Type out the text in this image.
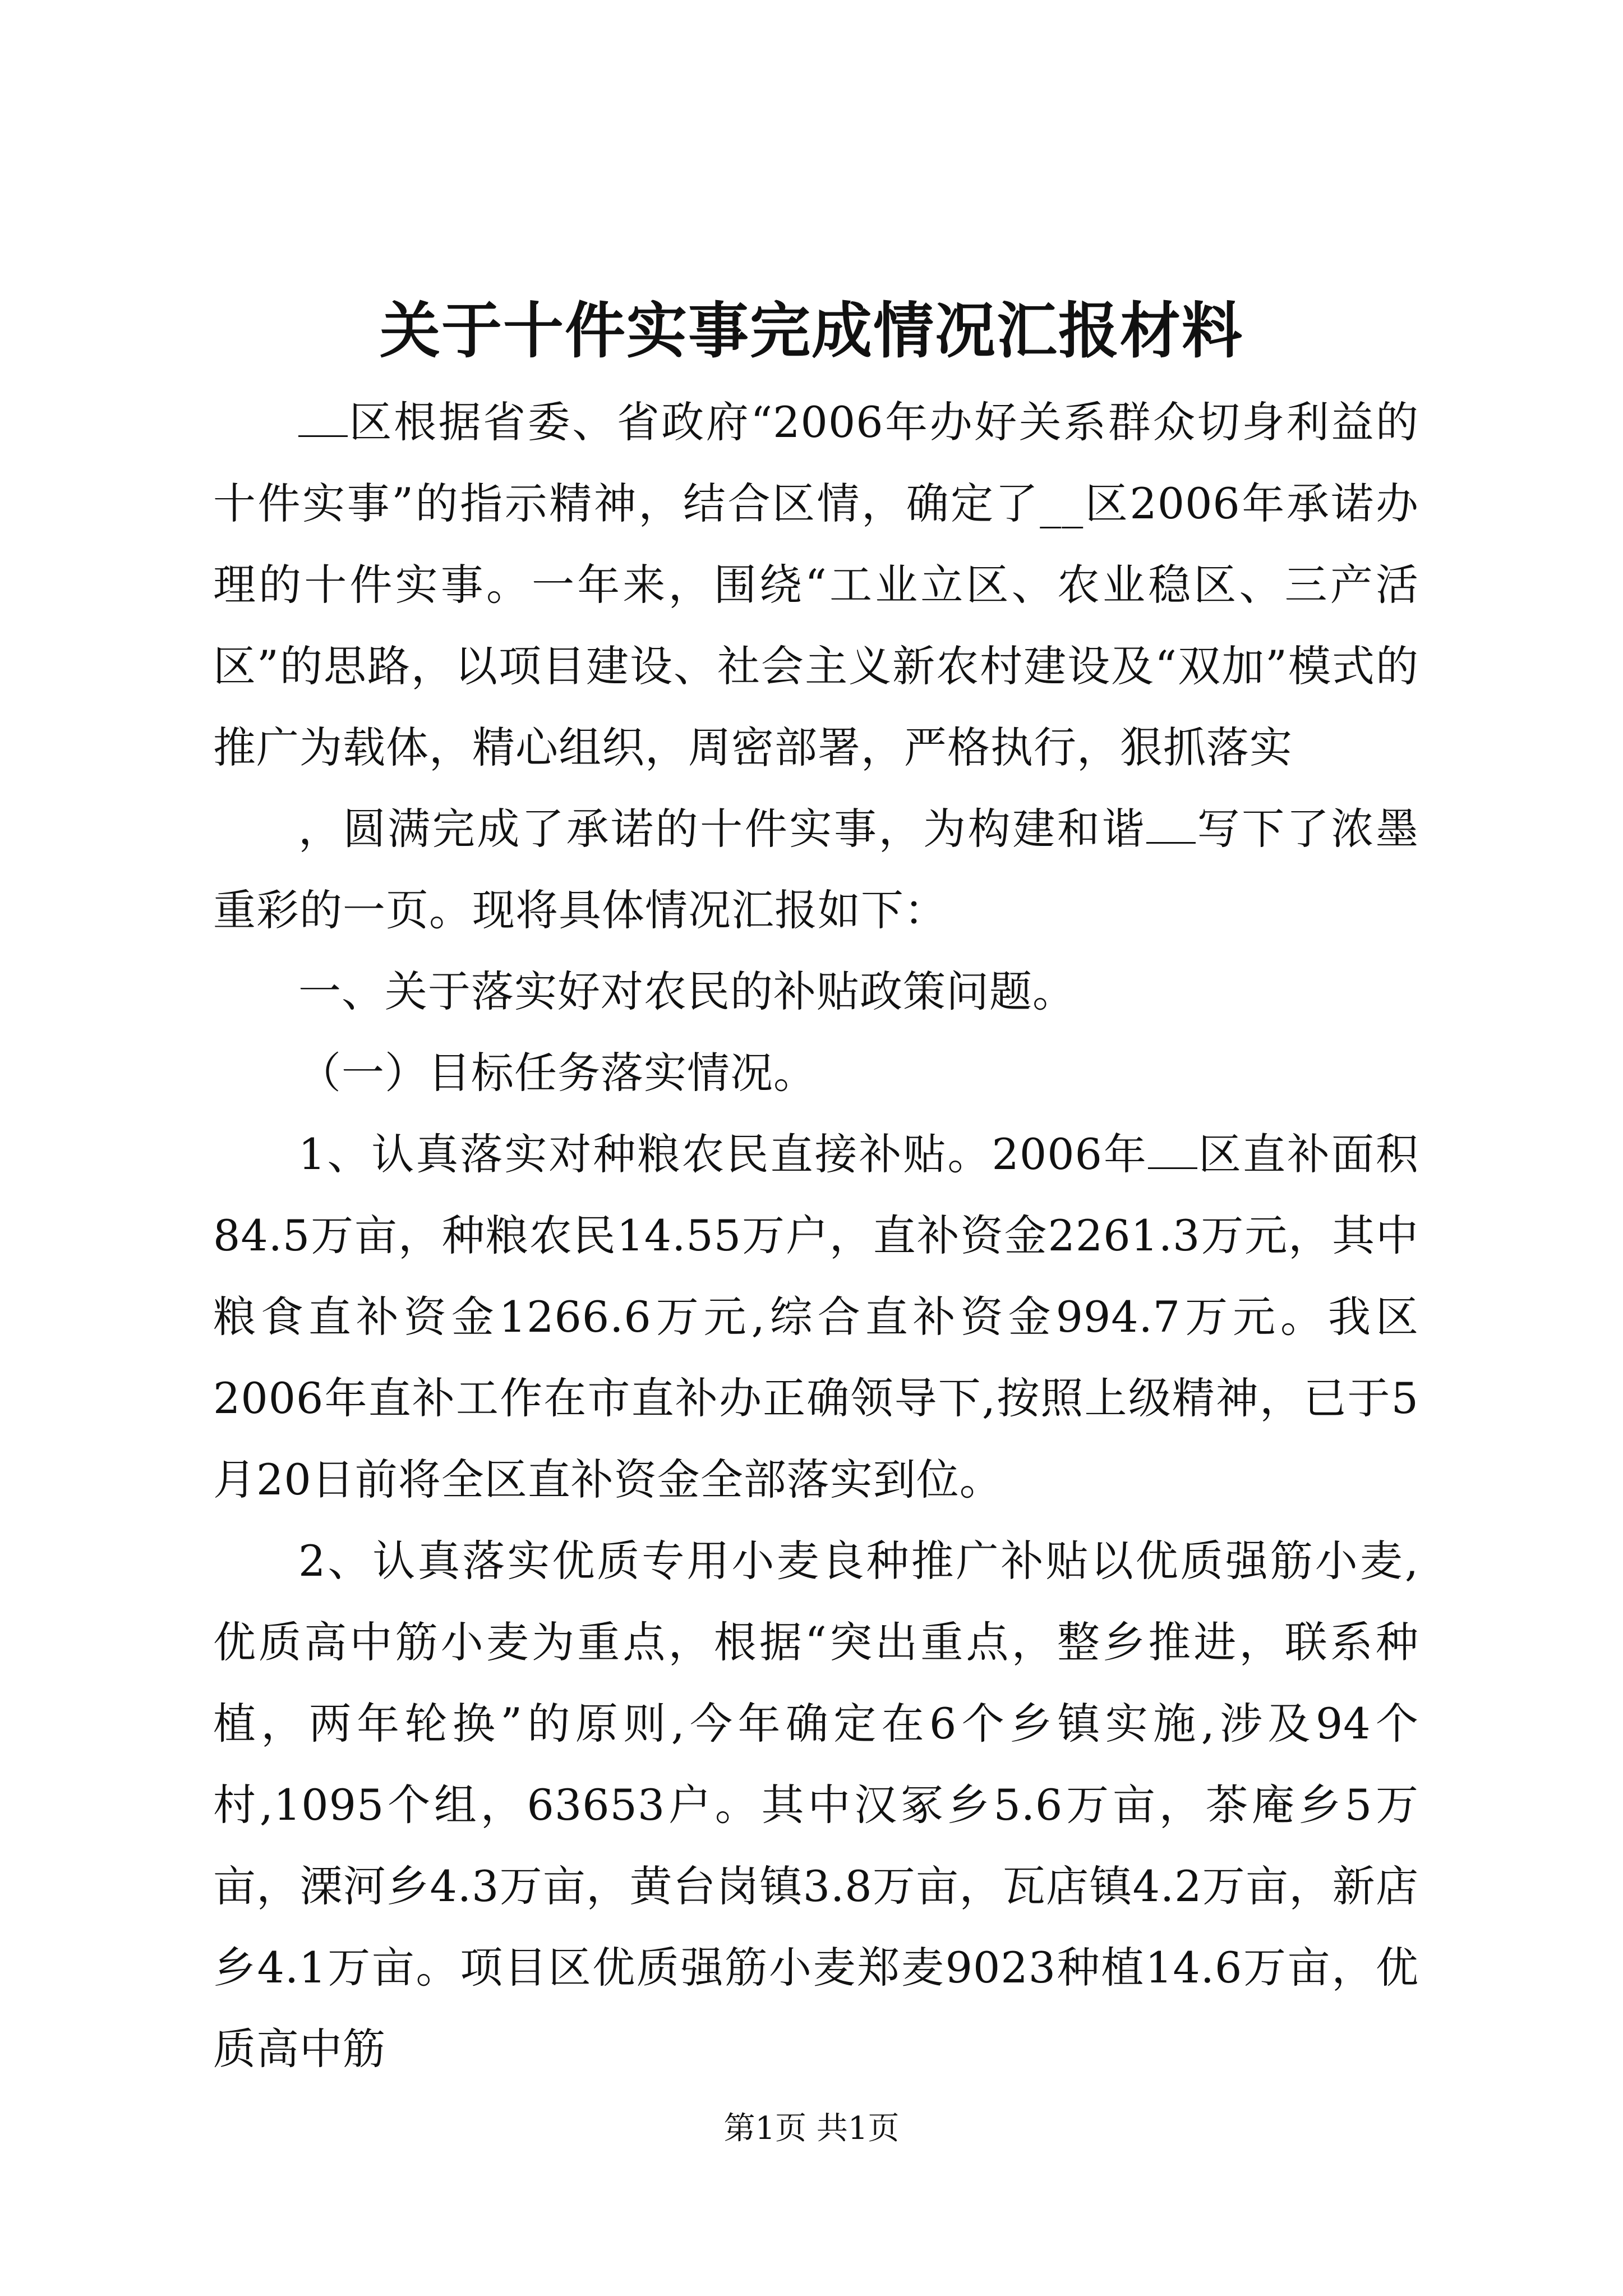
关于十件实事完成情况汇报材料

区根据省委、省政府“2006年办好关系群众切身利益的十件实事”的指示精神，结合区情，确定了__区2006年承诺办理的十件实事。一年来，围绕“工业立区、农业稳区、三产活区”的思路，以项目建设、社会主义新农村建设及“双加”模式的推广为载体，精心组织，周密部署，严格执行，狠抓落实

，圆满完成了承诺的十件实事，为构建和谐 写下了浓墨重彩的一页。现将具体情况汇报如下：

一、关于落实好对农民的补贴政策问题。

（一）目标任务落实情况。

1、认真落实对种粮农民直接补贴。2006年 区直补面积84.5万亩，种粮农民14.55万户，直补资金2261.3万元，其中粮食直补资金1266.6万元,综合直补资金994.7万元。我区2006年直补工作在市直补办正确领导下,按照上级精神，已于5月20日前将全区直补资金全部落实到位。

2、认真落实优质专用小麦良种推广补贴以优质强筋小麦,优质高中筋小麦为重点，根据“突出重点，整乡推进，联系种植，两年轮换”的原则,今年确定在6个乡镇实施,涉及94个村,1095个组，63653户。其中汉冢乡5.6万亩，茶庵乡5万亩，溧河乡4.3万亩，黄台岗镇3.8万亩，瓦店镇4.2万亩，新店乡4.1万亩。项目区优质强筋小麦郑麦9023种植14.6万亩，优质高中筋

第1页 共1页
